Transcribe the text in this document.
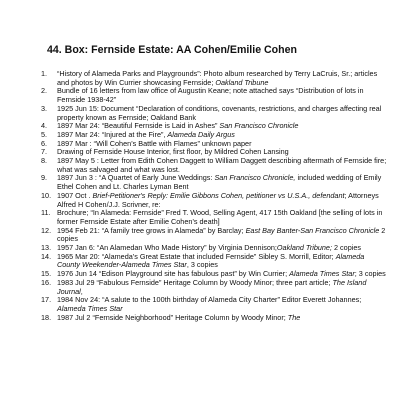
44. Box: Fernside Estate: AA Cohen/Emilie Cohen
1.	“History of Alameda Parks and Playgrounds”: Photo album researched by Terry LaCruis, Sr.; articles and photos by Win Currier showcasing Fernside; Oakland Tribune
2.	Bundle of 16 letters from law office of Augustin Keane; note attached says “Distribution of lots in Fernside 1938-42”
3.	1925 Jun 15: Document “Declaration of conditions, covenants, restrictions, and charges affecting real property known as Fernside; Oakland Bank
4.	1897 Mar 24: “Beautiful Fernside is Laid in Ashes” San Francisco Chronicle
5.	1897 Mar 24: “Injured at the Fire”, Alameda Daily Argus
6.	1897 Mar : “Will Cohen’s Battle with Flames” unknown paper
7.	Drawing of Fernside House Interior, first floor, by Mildred Cohen Lansing
8.	1897 May 5 : Letter from Edith Cohen Daggett to William Daggett describing aftermath of Fernside fire; what was salvaged and what was lost.
9.	1897 Jun 3 : “A Quartet of Early June Weddings: San Francisco Chronicle, included wedding of Emily Ethel Cohen and Lt. Charles Lyman Bent
10. 1907 Oct . Brief-Petitioner's Reply: Emilie Gibbons Cohen, petitioner vs U.S.A., defendant; Attorneys Alfred H Cohen/J.J. Scrivner, re:
11. Brochure; “In Alameda: Fernside” Fred T. Wood, Selling Agent, 417 15th Oakland [the selling of lots in former Fernside Estate after Emilie Cohen’s death]
12. 1954 Feb 21: “A family tree grows in Alameda” by Barclay; East Bay Banter-San Francisco Chronicle 2 copies
13. 1957 Jan 6: “An Alamedan Who Made History” by Virginia Dennison;Oakland Tribune; 2 copies
14. 1965 Mar 20: “Alameda’s Great Estate that included Fernside” Sibley S. Morrill, Editor; Alameda County Weekender-Alameda Times Star, 3 copies
15. 1976 Jun 14 “Edison Playground site has fabulous past” by Win Currier; Alameda Times Star; 3 copies
16. 1983 Jul 29 “Fabulous Fernside” Heritage Column by Woody Minor; three part article; The Island Journal,
17. 1984 Nov 24: “A salute to the 100th birthday of Alameda City Charter” Editor Everett Johannes; Alameda Times Star
18. 1987 Jul 2 “Fernside Neighborhood” Heritage Column by Woody Minor; The
